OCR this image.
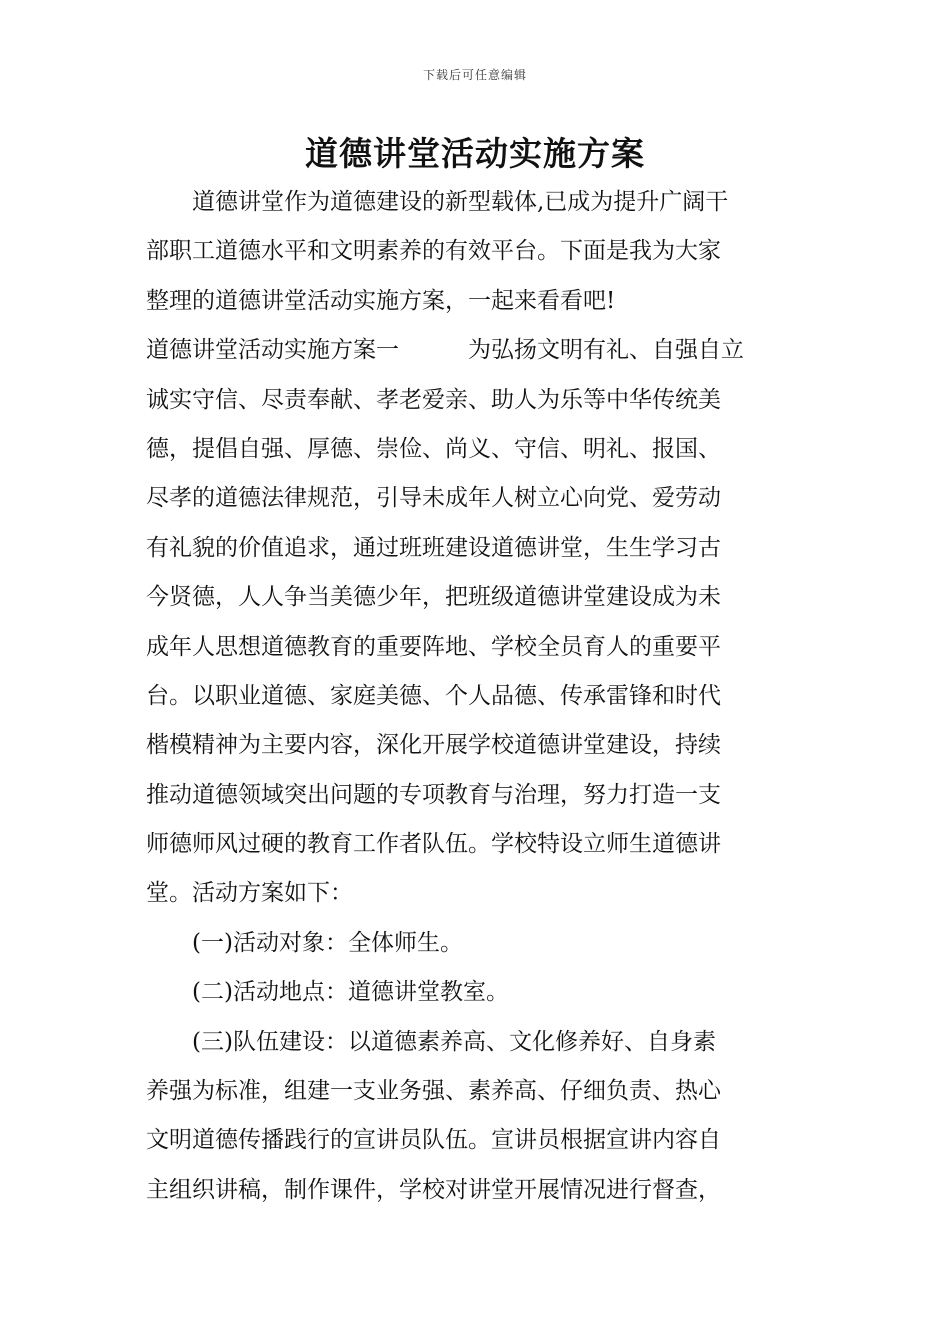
下载后可任意编辑
道德讲堂活动实施方案
　　道德讲堂作为道德建设的新型载体,已成为提升广阔干
部职工道德水平和文明素养的有效平台。下面是我为大家
整理的道德讲堂活动实施方案，一起来看看吧!
道德讲堂活动实施方案一　　　为弘扬文明有礼、自强自立
诚实守信、尽责奉献、孝老爱亲、助人为乐等中华传统美
德，提倡自强、厚德、崇俭、尚义、守信、明礼、报国、
尽孝的道德法律规范，引导未成年人树立心向党、爱劳动
有礼貌的价值追求，通过班班建设道德讲堂，生生学习古
今贤德，人人争当美德少年，把班级道德讲堂建设成为未
成年人思想道德教育的重要阵地、学校全员育人的重要平
台。以职业道德、家庭美德、个人品德、传承雷锋和时代
楷模精神为主要内容，深化开展学校道德讲堂建设，持续
推动道德领域突出问题的专项教育与治理，努力打造一支
师德师风过硬的教育工作者队伍。学校特设立师生道德讲
堂。活动方案如下：
　　(一)活动对象：全体师生。
　　(二)活动地点：道德讲堂教室。
　　(三)队伍建设：以道德素养高、文化修养好、自身素
养强为标准，组建一支业务强、素养高、仔细负责、热心
文明道德传播践行的宣讲员队伍。宣讲员根据宣讲内容自
主组织讲稿，制作课件，学校对讲堂开展情况进行督查，
